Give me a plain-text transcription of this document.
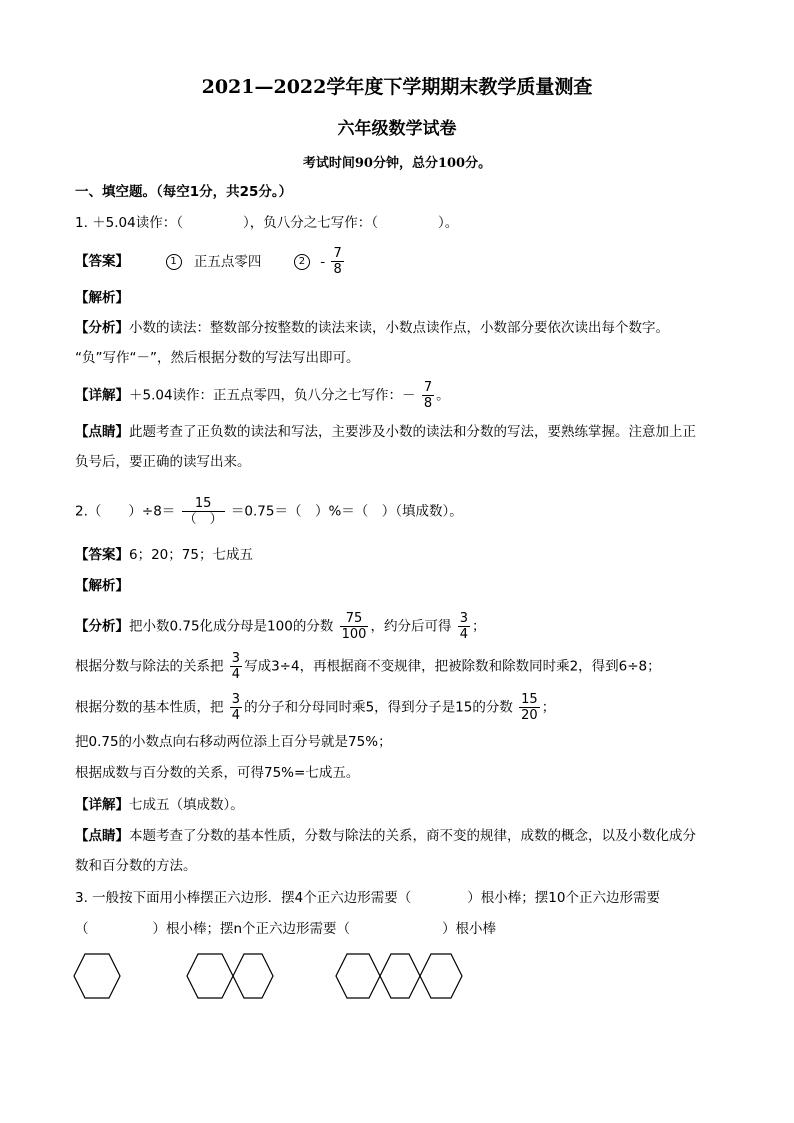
2021—2022学年度下学期期末教学质量测查
六年级数学试卷
考试时间90分钟，总分100分。
一、填空题。（每空1分，共25分。）
1. ＋5.04读作：（	），负八分之七写作：（	）。
【答案】	1 正五点零四	$2 - \frac{7}{8}$
【解析】
【分析】小数的读法：整数部分按整数的读法来读，小数点读作点，小数部分要依次读出每个数字。
“负”写作“－”，然后根据分数的写法写出即可。
【详解】＋5.04读作：正五点零四，负八分之七写作：－ $\frac{7}{8}$ 。
【点睛】此题考查了正负数的读法和写法，主要涉及小数的读法和分数的写法，要熟练掌握。注意加上正
负号后，要正确的读写出来。
2.（　　）$\div 8= \frac{15}{( )} =0.75=$（　）%＝（　）（填成数）。
【答案】6；20；75；七成五
【解析】
【分析】把小数0.75化成分母是100的分数 $\frac{75}{100}$ ，约分后可得 $\frac{3}{4}$ ；
根据分数与除法的关系把 $\frac{3}{4}$ 写成3÷4，再根据商不变规律，把被除数和除数同时乘2，得到6÷8；
根据分数的基本性质，把 $\frac{3}{4}$ 的分子和分母同时乘5，得到分子是15的分数 $\frac{15}{20}$ ；
把0.75的小数点向右移动两位添上百分号就是75%；
根据成数与百分数的关系，可得75%=七成五。
【详解】七成五（填成数）。
【点睛】本题考查了分数的基本性质，分数与除法的关系，商不变的规律，成数的概念，以及小数化成分
数和百分数的方法。
3. 一般按下面用小棒摆正六边形．摆4个正六边形需要（	）根小棒；摆10个正六边形需要
（	）根小棒；摆n个正六边形需要（	）根小棒
